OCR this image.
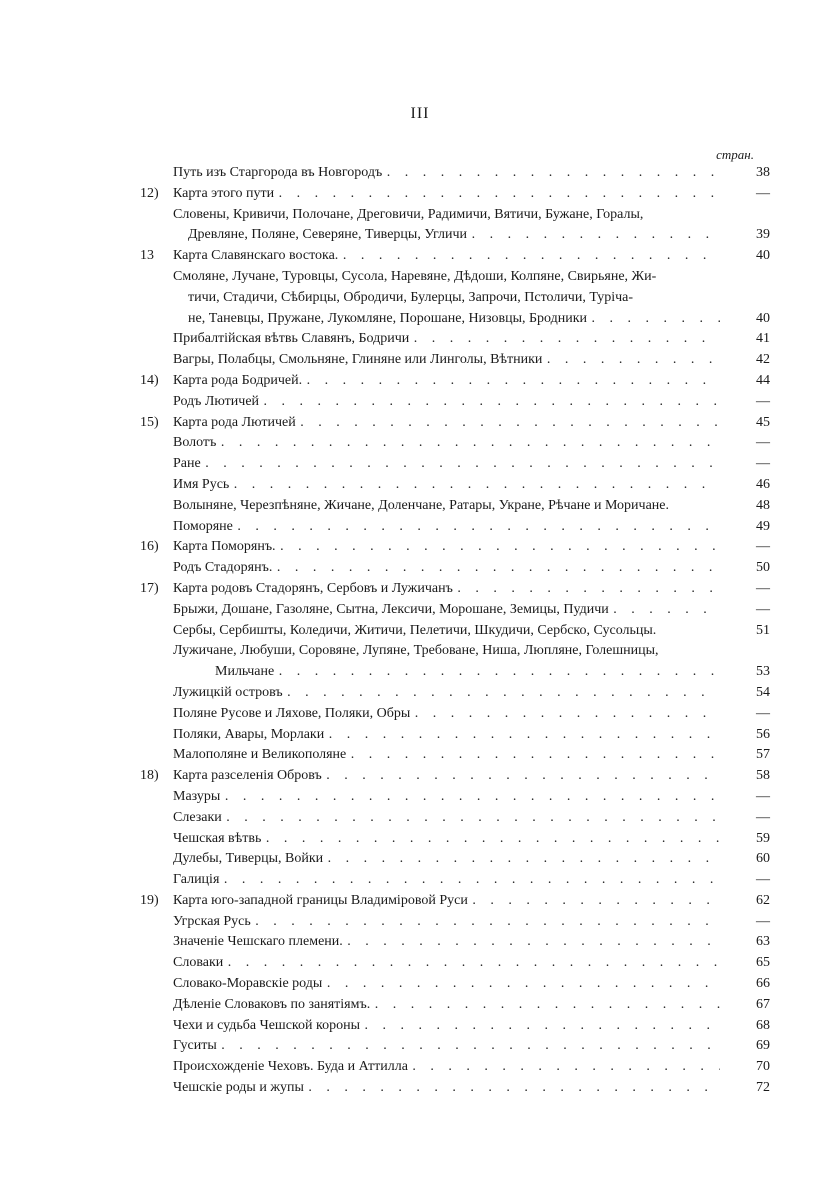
III
стран.
Путь изъ Старгорода въ Новгородъ . .	38
12) Карта этого пути . .	—
Словены, Кривичи, Полочане, Дреговичи, Радимичи, Вятичи, Бужане, Горалы,
Древляне, Поляне, Северяне, Тиверцы, Угличи . .	39
13 Карта Славянскаго востока. . .	40
Смоляне, Лучане, Туровцы, Сусола, Наревяне, Дѣдоши, Колпяне, Свирьяне, Жи-
тичи, Стадичи, Сѣбирцы, Обродичи, Булерцы, Запрочи, Пстоличи, Туріча-
не, Таневцы, Пружане, Лукомляне, Порошане, Низовцы, Бродники . .	40
Прибалтійская вѣтвь Славянъ, Бодричи . .	41
Вагры, Полабцы, Смольняне, Глиняне или Линголы, Вѣтники . .	42
14) Карта рода Бодричей. . .	44
Родъ Лютичей . .	—
15) Карта рода Лютичей . .	45
Волотъ . .	—
Ране . .	—
Имя Русь . .	46
Волыняне, Черезпѣняне, Жичане, Доленчане, Ратары, Укране, Рѣчане и Моричане.	48
Поморяне . .	49
16) Карта Поморянъ. . .	—
Родъ Стадорянъ. . .	50
17) Карта родовъ Стадорянъ, Сербовъ и Лужичанъ . .	—
Брыжи, Дошане, Газоляне, Сытна, Лексичи, Морошане, Земицы, Пудичи . .	—
Сербы, Сербишты, Коледичи, Житичи, Пелетичи, Шкудичи, Сербско, Сусольцы.	51
Лужичане, Любуши, Соровяне, Лупяне, Требоване, Ниша, Люпляне, Голешницы,
Мильчане . .	53
Лужицкій островъ . .	54
Поляне Русове и Ляхове, Поляки, Обры . .	—
Поляки, Авары, Морлаки . .	56
Малополяне и Великополяне . .	57
18) Карта разселенія Обровъ . .	58
Мазуры . .	—
Слезаки . .	—
Чешская вѣтвь . .	59
Дулебы, Тиверцы, Войки . .	60
Галиція . .	—
19) Карта юго-западной границы Владиміровой Руси . .	62
Угрская Русь . .	—
Значеніе Чешскаго племени. . .	63
Словаки . .	65
Словако-Моравскіе роды . .	66
Дѣленіе Словаковъ по занятіямъ. . .	67
Чехи и судьба Чешской короны . .	68
Гуситы . .	69
Происхожденіе Чеховъ. Буда и Аттилла . .	70
Чешскіе роды и жупы . .	72
